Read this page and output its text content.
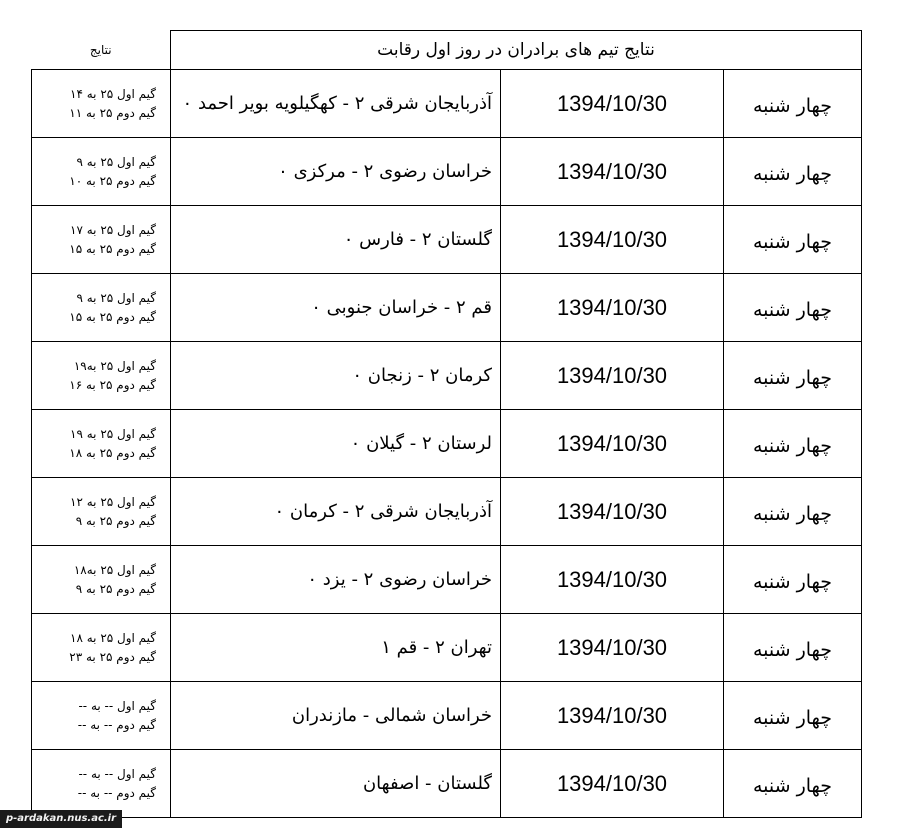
نتایج	نتایج تیم های برادران در روز اول رقابت		

گیم اول ۲۵ به ۱۴
گیم دوم ۲۵ به ۱۱	آذربایجان شرقی ۲ - کهگیلویه بویر احمد ۰	1394/10/30	چهار شنبه

گیم اول ۲۵ به ۹
گیم دوم ۲۵ به ۱۰	خراسان رضوی ۲ - مرکزی ۰	1394/10/30	چهار شنبه

گیم اول ۲۵ به ۱۷
گیم دوم ۲۵ به ۱۵	گلستان ۲ - فارس ۰	1394/10/30	چهار شنبه

گیم اول ۲۵ به ۹
گیم دوم ۲۵ به ۱۵	قم ۲ - خراسان جنوبی ۰	1394/10/30	چهار شنبه

گیم اول ۲۵ به۱۹
گیم دوم ۲۵ به ۱۶	کرمان ۲ - زنجان ۰	1394/10/30	چهار شنبه

گیم اول ۲۵ به ۱۹
گیم دوم ۲۵ به ۱۸	لرستان ۲ - گیلان ۰	1394/10/30	چهار شنبه

گیم اول ۲۵ به ۱۲
گیم دوم ۲۵ به ۹	آذربایجان شرقی ۲ - کرمان ۰	1394/10/30	چهار شنبه

گیم اول ۲۵ به۱۸
گیم دوم ۲۵ به ۹	خراسان رضوی ۲ - یزد ۰	1394/10/30	چهار شنبه

گیم اول ۲۵ به ۱۸
گیم دوم ۲۵ به ۲۳	تهران ۲ - قم ۱	1394/10/30	چهار شنبه

گیم اول -- به --
گیم دوم -- به --	خراسان شمالی - مازندران	1394/10/30	چهار شنبه

گیم اول -- به --
گیم دوم -- به --	گلستان - اصفهان	1394/10/30	چهار شنبه
p-ardakan.nus.ac.ir
